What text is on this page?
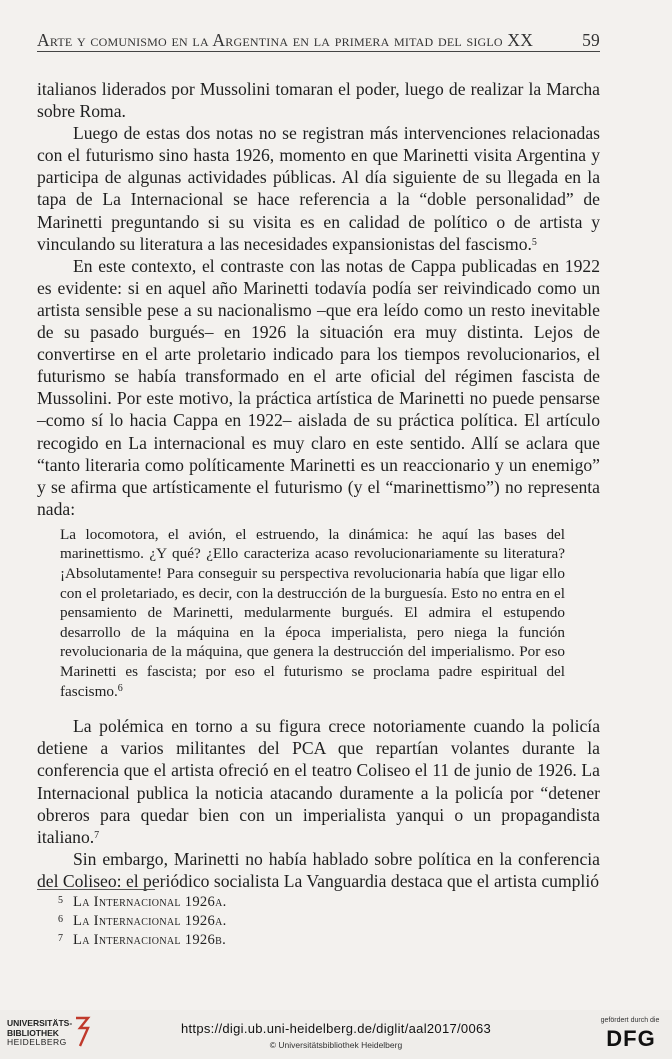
Arte y comunismo en la Argentina en la primera mitad del siglo XX	59

italianos liderados por Mussolini tomaran el poder, luego de realizar la Marcha sobre Roma.

Luego de estas dos notas no se registran más intervenciones relacionadas con el futurismo sino hasta 1926, momento en que Marinetti visita Argentina y participa de algunas actividades públicas. Al día siguiente de su llegada en la tapa de La Internacional se hace referencia a la “doble personalidad” de Marinetti preguntando si su visita es en calidad de político o de artista y vinculando su literatura a las necesidades expansionistas del fascismo.$^5$

En este contexto, el contraste con las notas de Cappa publicadas en 1922 es evidente: si en aquel año Marinetti todavía podía ser reivindicado como un artista sensible pese a su nacionalismo –que era leído como un resto inevitable de su pasado burgués– en 1926 la situación era muy distinta. Lejos de convertirse en el arte proletario indicado para los tiempos revolucionarios, el futurismo se había transformado en el arte oficial del régimen fascista de Mussolini. Por este motivo, la práctica artística de Marinetti no puede pensarse –como sí lo hacia Cappa en 1922– aislada de su práctica política. El artículo recogido en La internacional es muy claro en este sentido. Allí se aclara que “tanto literaria como políticamente Marinetti es un reaccionario y un enemigo” y se afirma que artísticamente el futurismo (y el “marinettismo”) no representa nada:

La locomotora, el avión, el estruendo, la dinámica: he aquí las bases del marinettismo. ¿Y qué? ¿Ello caracteriza acaso revolucionariamente su literatura? ¡Absolutamente! Para conseguir su perspectiva revolucionaria había que ligar ello con el proletariado, es decir, con la destrucción de la burguesía. Esto no entra en el pensamiento de Marinetti, medularmente burgués. El admira el estupendo desarrollo de la máquina en la época imperialista, pero niega la función revolucionaria de la máquina, que genera la destrucción del imperialismo. Por eso Marinetti es fascista; por eso el futurismo se proclama padre espiritual del fascismo.$^6$

La polémica en torno a su figura crece notoriamente cuando la policía detiene a varios militantes del PCA que repartían volantes durante la conferencia que el artista ofreció en el teatro Coliseo el 11 de junio de 1926. La Internacional publica la noticia atacando duramente a la policía por “detener obreros para quedar bien con un imperialista yanqui o un propagandista italiano.$^7$

Sin embargo, Marinetti no había hablado sobre política en la conferencia del Coliseo: el periódico socialista La Vanguardia destaca que el artista cumplió

5 La Internacional 1926a.
6 La Internacional 1926a.
7 La Internacional 1926b.
UNIVERSITÄTS-
BIBLIOTHEK
HEIDELBERG
https://digi.ub.uni-heidelberg.de/diglit/aal2017/0063
© Universitätsbibliothek Heidelberg
gefördert durch die
DFG
